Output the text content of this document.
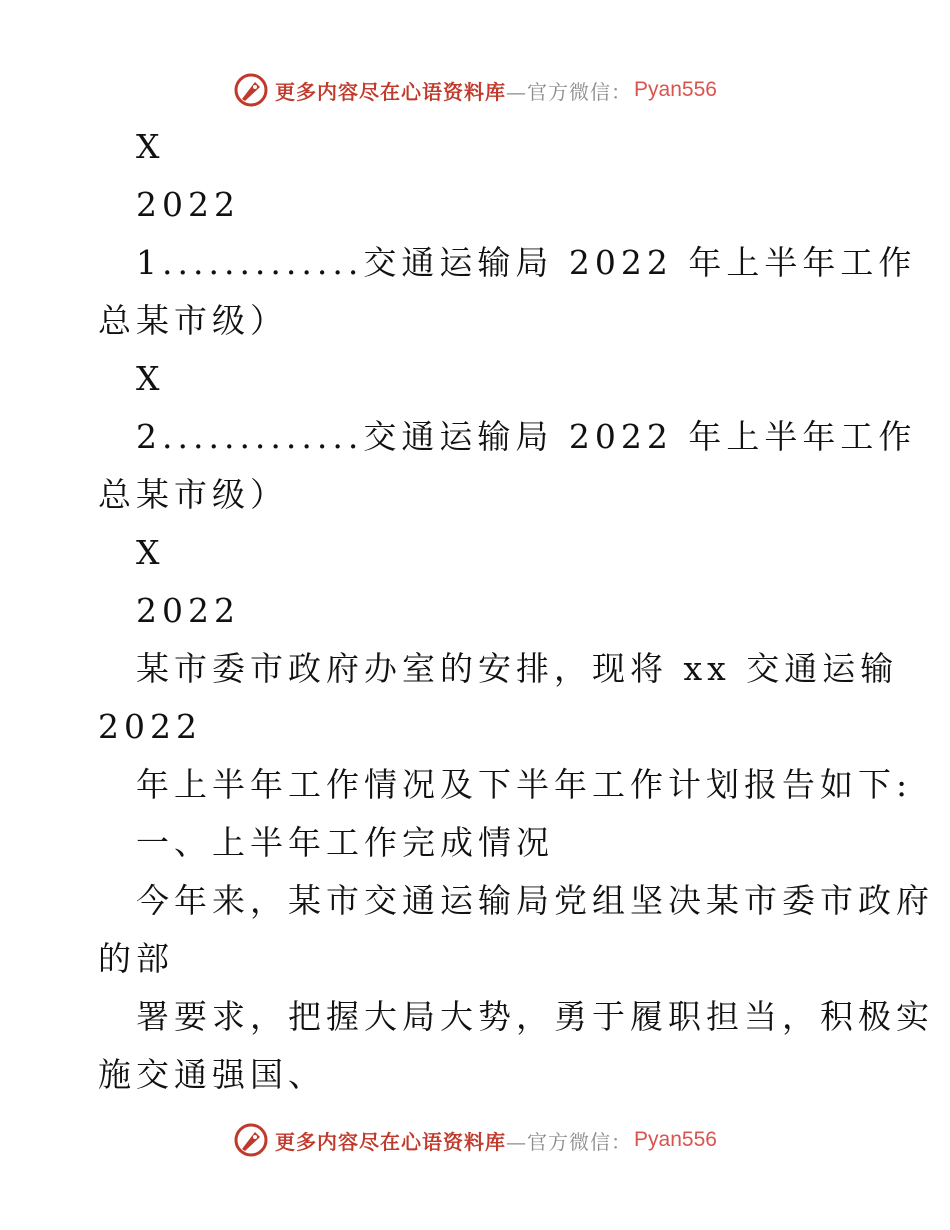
更多内容尽在心语资料库 —官方微信： Pyan556
X
2022
1.............交通运输局 2022 年上半年工作
总某市级）
X
2.............交通运输局 2022 年上半年工作
总某市级）
X
2022
某市委市政府办室的安排，现将 xx 交通运输
2022
年上半年工作情况及下半年工作计划报告如下:
一、上半年工作完成情况
今年来，某市交通运输局党组坚决某市委市政府
的部
署要求，把握大局大势，勇于履职担当，积极实
施交通强国、
更多内容尽在心语资料库 —官方微信： Pyan556
